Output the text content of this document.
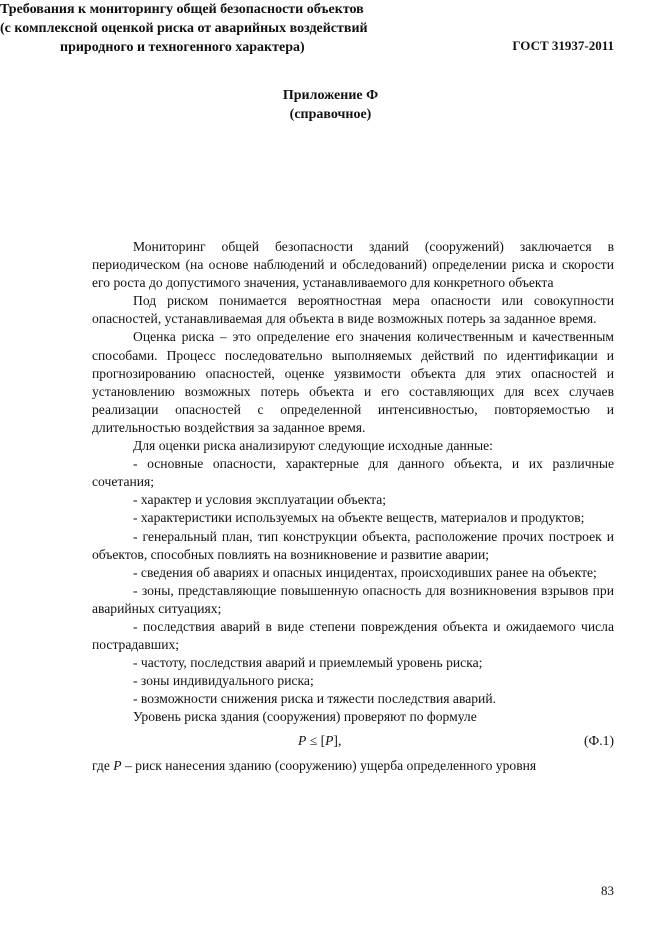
ГОСТ 31937-2011
Приложение Ф
(справочное)
Требования к мониторингу общей безопасности объектов
(с комплексной оценкой риска от аварийных воздействий
природного и техногенного характера)

Мониторинг общей безопасности зданий (сооружений) заключается в периодическом (на основе наблюдений и обследований) определении риска и скорости его роста до допустимого значения, устанавливаемого для конкретного объекта

Под риском понимается вероятностная мера опасности или совокупности опасностей, устанавливаемая для объекта в виде возможных потерь за заданное время.

Оценка риска – это определение его значения количественным и качественным способами. Процесс последовательно выполняемых действий по идентификации и прогнозированию опасностей, оценке уязвимости объекта для этих опасностей и установлению возможных потерь объекта и его составляющих для всех случаев реализации опасностей с определенной интенсивностью, повторяемостью и длительностью воздействия за заданное время.

Для оценки риска анализируют следующие исходные данные:

- основные опасности, характерные для данного объекта, и их различные сочетания;

- характер и условия эксплуатации объекта;

- характеристики используемых на объекте веществ, материалов и продуктов;

- генеральный план, тип конструкции объекта, расположение прочих построек и объектов, способных повлиять на возникновение и развитие аварии;

- сведения об авариях и опасных инцидентах, происходивших ранее на объекте;

- зоны, представляющие повышенную опасность для возникновения взрывов при аварийных ситуациях;

- последствия аварий в виде степени повреждения объекта и ожидаемого числа пострадавших;

- частоту, последствия аварий и приемлемый уровень риска;

- зоны индивидуального риска;

- возможности снижения риска и тяжести последствия аварий.

Уровень риска здания (сооружения) проверяют по формуле

P ≤ [P],	(Ф.1)

где P – риск нанесения зданию (сооружению) ущерба определенного уровня

83
